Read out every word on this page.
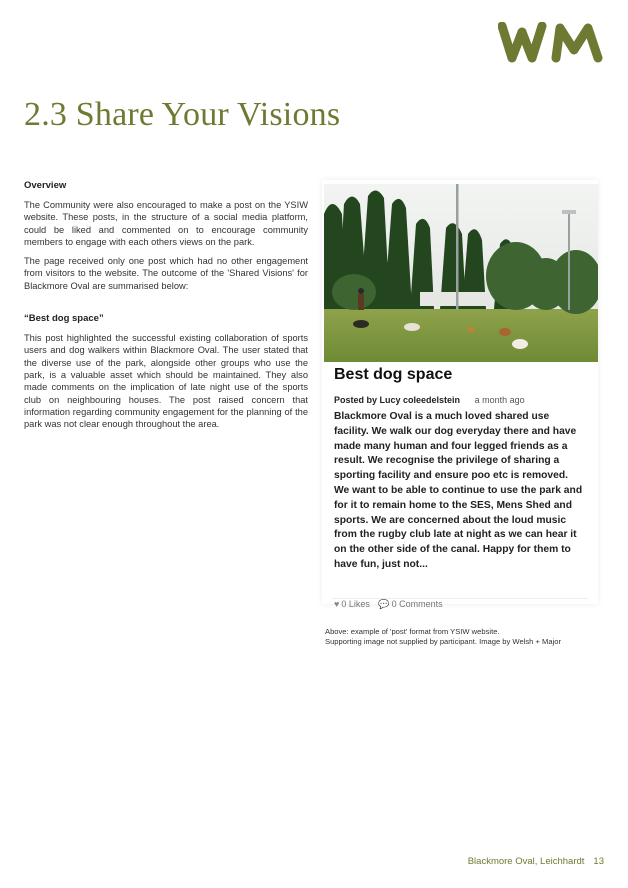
2.3 Share Your Visions
Overview

The Community were also encouraged to make a post on the YSIW website. These posts, in the structure of a social media platform, could be liked and commented on to encourage community members to engage with each others views on the park.

The page received only one post which had no other engagement from visitors to the website. The outcome of the 'Shared Visions' for Blackmore Oval are summarised below:

“Best dog space”

This post highlighted the successful existing collaboration of sports users and dog walkers within Blackmore Oval. The user stated that the diverse use of the park, alongside other groups who use the park, is a valuable asset which should be maintained. They also made comments on the implication of late night use of the sports club on neighbouring houses. The post raised concern that information regarding community engagement for the planning of the park was not clear enough throughout the area.

Best dog space
Posted by Lucy coleedelstein a month ago

Blackmore Oval is a much loved shared use facility. We walk our dog everyday there and have made many human and four legged friends as a result. We recognise the privilege of sharing a sporting facility and ensure poo etc is removed. We want to be able to continue to use the park and for it to remain home to the SES, Mens Shed and sports. We are concerned about the loud music from the rugby club late at night as we can hear it on the other side of the canal. Happy for them to have fun, just not...

♥ 0 Likes 💬 0 Comments
Above: example of 'post' format from YSIW website.
Supporting image not supplied by participant. Image by Welsh + Major
Blackmore Oval, Leichhardt 13
